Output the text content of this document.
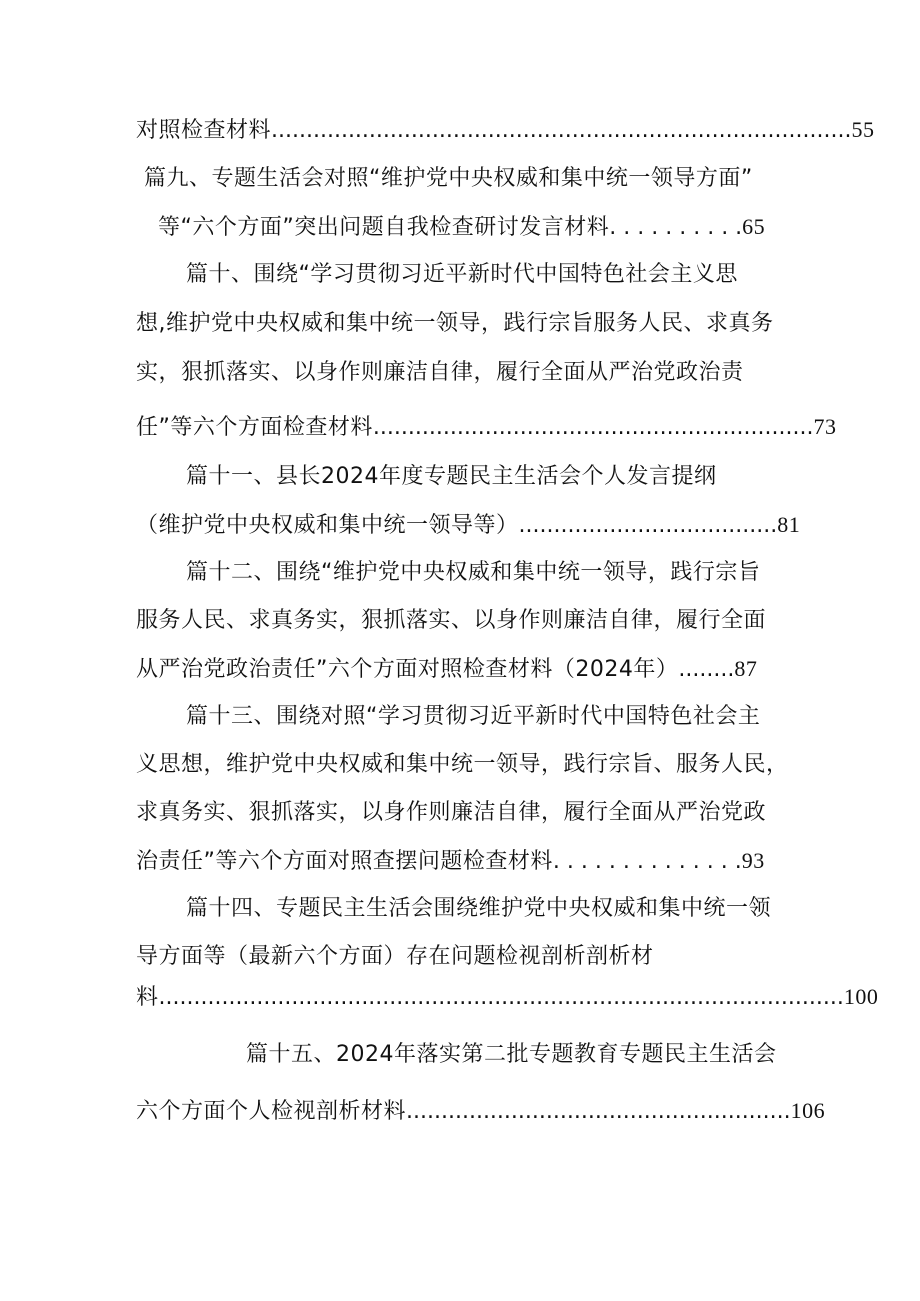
对照检查材料...................................................................................55
篇九、专题生活会对照“维护党中央权威和集中统一领导方面”
等“六个方面”突出问题自我检查研讨发言材料. . . . . . . . . .65
篇十、围绕“学习贯彻习近平新时代中国特色社会主义思
想,维护党中央权威和集中统一领导，践行宗旨服务人民、求真务
实，狠抓落实、以身作则廉洁自律，履行全面从严治党政治责
任”等六个方面检查材料...............................................................73
篇十一、县长2024年度专题民主生活会个人发言提纲
（维护党中央权威和集中统一领导等）.....................................81
篇十二、围绕“维护党中央权威和集中统一领导，践行宗旨
服务人民、求真务实，狠抓落实、以身作则廉洁自律，履行全面
从严治党政治责任”六个方面对照检查材料（2024年）........87
篇十三、围绕对照“学习贯彻习近平新时代中国特色社会主
义思想，维护党中央权威和集中统一领导，践行宗旨、服务人民，
求真务实、狠抓落实，以身作则廉洁自律，履行全面从严治党政
治责任”等六个方面对照查摆问题检查材料. . . . . . . . . . . . . .93
篇十四、专题民主生活会围绕维护党中央权威和集中统一领
导方面等（最新六个方面）存在问题检视剖析剖析材
料..................................................................................................100
篇十五、2024年落实第二批专题教育专题民主生活会
六个方面个人检视剖析材料.......................................................106
